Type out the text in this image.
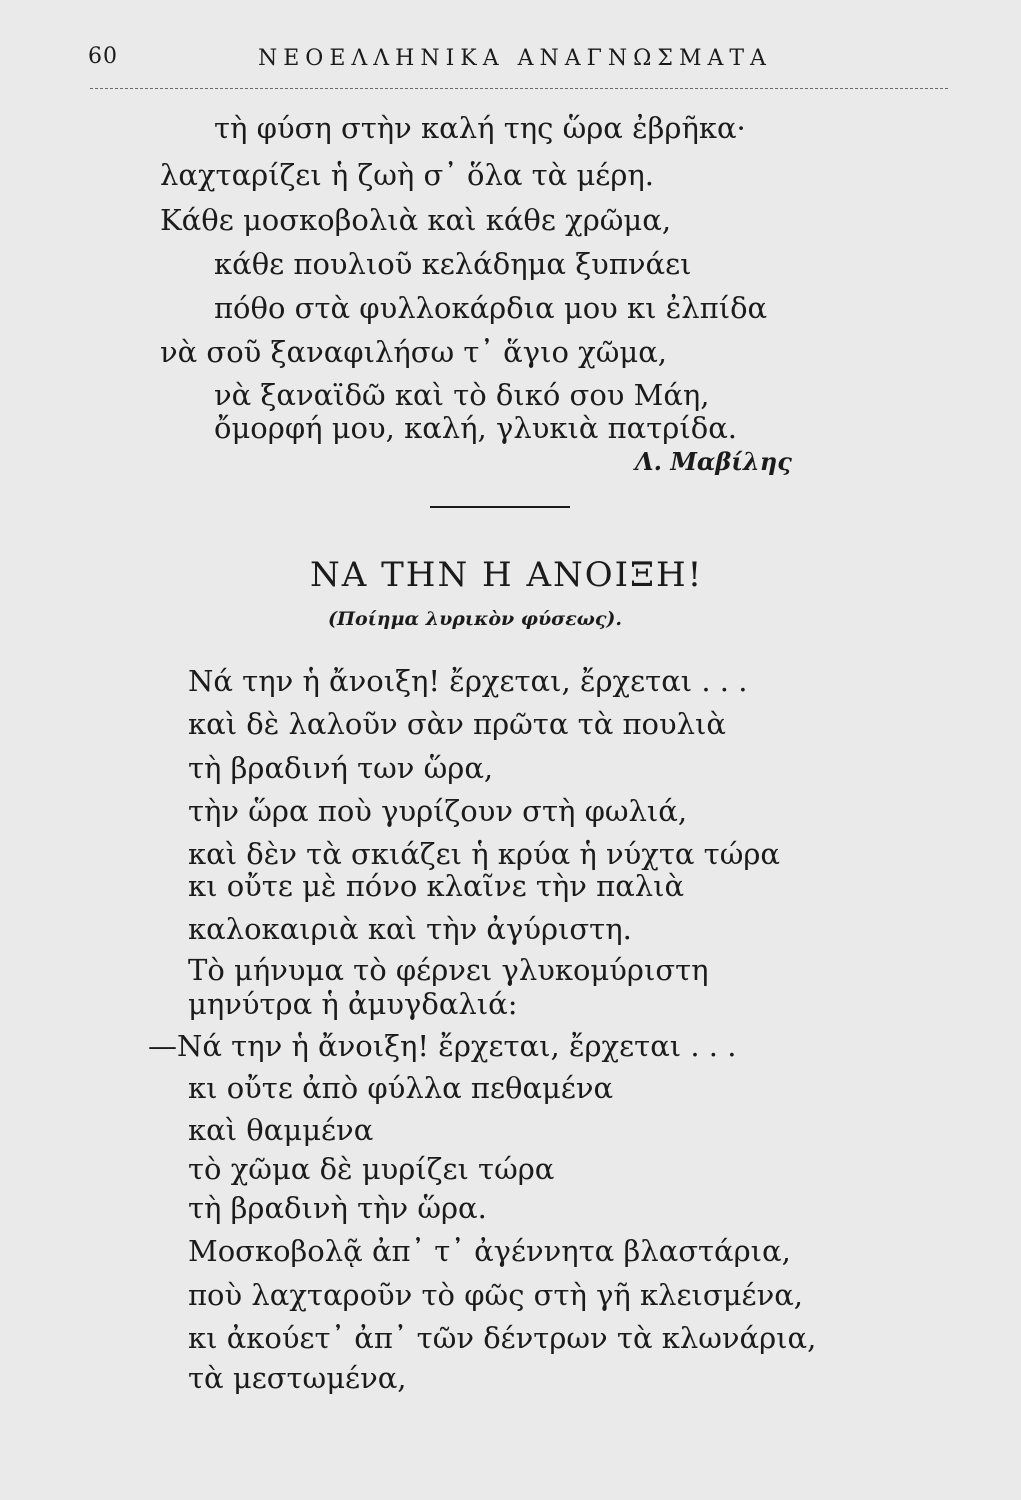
60	ΝΕΟΕΛΛΗΝΙΚΑ ΑΝΑΓΝΩΣΜΑΤΑ
τὴ φύση στὴν καλή της ὥρα ἐβρῆκα·
λαχταρίζει ἡ ζωὴ σ᾽ ὅλα τὰ μέρη.
Κάθε μοσκοβολιὰ καὶ κάθε χρῶμα,
κάθε πουλιοῦ κελάδημα ξυπνάει
πόθο στὰ φυλλοκάρδια μου κι ἐλπίδα
νὰ σοῦ ξαναφιλήσω τ᾽ ἅγιο χῶμα,
νὰ ξαναϊδῶ καὶ τὸ δικό σου Μάη,
ὄμορφή μου, καλή, γλυκιὰ πατρίδα.
Λ. Μαβίλης
ΝΑ ΤΗΝ Η ΑΝΟΙΞΗ!
(Ποίημα λυρικὸν φύσεως).
Νά την ἡ ἄνοιξη! ἔρχεται, ἔρχεται . . .
καὶ δὲ λαλοῦν σὰν πρῶτα τὰ πουλιὰ
τὴ βραδινή των ὥρα,
τὴν ὥρα ποὺ γυρίζουν στὴ φωλιά,
καὶ δὲν τὰ σκιάζει ἡ κρύα ἡ νύχτα τώρα
κι οὔτε μὲ πόνο κλαῖνε τὴν παλιὰ
καλοκαιριὰ καὶ τὴν ἀγύριστη.
Τὸ μήνυμα τὸ φέρνει γλυκομύριστη
μηνύτρα ἡ ἀμυγδαλιά:
—Νά την ἡ ἄνοιξη! ἔρχεται, ἔρχεται . . .
κι οὔτε ἀπὸ φύλλα πεθαμένα
καὶ θαμμένα
τὸ χῶμα δὲ μυρίζει τώρα
τὴ βραδινὴ τὴν ὥρα.
Μοσκοβολᾷ ἀπ᾽ τ᾽ ἀγέννητα βλαστάρια,
ποὺ λαχταροῦν τὸ φῶς στὴ γῆ κλεισμένα,
κι ἀκούετ᾽ ἀπ᾽ τῶν δέντρων τὰ κλωνάρια,
τὰ μεστωμένα,
